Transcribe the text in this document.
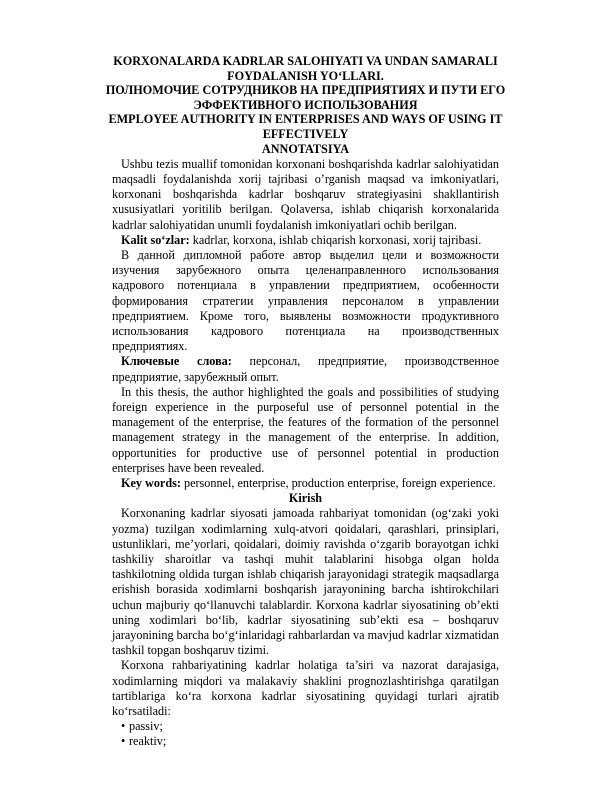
KORXONALARDA KADRLAR SALOHIYATI VA UNDAN SAMARALI
FOYDALANISH YO‘LLARI.
ПОЛНОМОЧИЕ СОТРУДНИКОВ НА ПРЕДПРИЯТИЯХ И ПУТИ ЕГО
ЭФФЕКТИВНОГО ИСПОЛЬЗОВАНИЯ
EMPLOYEE AUTHORITY IN ENTERPRISES AND WAYS OF USING IT
EFFECTIVELY
ANNOTATSIYA

Ushbu tezis muallif tomonidan korxonani boshqarishda kadrlar salohiyatidan maqsadli foydalanishda xorij tajribasi o’rganish maqsad va imkoniyatlari, korxonani boshqarishda kadrlar boshqaruv strategiyasini shakllantirish xususiyatlari yoritilib berilgan. Qolaversa, ishlab chiqarish korxonalarida kadrlar salohiyatidan unumli foydalanish imkoniyatlari ochib berilgan.

Kalit so‘zlar: kadrlar, korxona, ishlab chiqarish korxonasi, xorij tajribasi.

В данной дипломной работе автор выделил цели и возможности изучения зарубежного опыта целенаправленного использования кадрового потенциала в управлении предприятием, особенности формирования стратегии управления персоналом в управлении предприятием. Кроме того, выявлены возможности продуктивного использования кадрового потенциала на производственных предприятиях.

Ключевые слова: персонал, предприятие, производственное предприятие, зарубежный опыт.

In this thesis, the author highlighted the goals and possibilities of studying foreign experience in the purposeful use of personnel potential in the management of the enterprise, the features of the formation of the personnel management strategy in the management of the enterprise. In addition, opportunities for productive use of personnel potential in production enterprises have been revealed.

Key words: personnel, enterprise, production enterprise, foreign experience.

Kirish

Korxonaning kadrlar siyosati jamoada rahbariyat tomonidan (og‘zaki yoki yozma) tuzilgan xodimlarning xulq-atvori qoidalari, qarashlari, prinsiplari, ustunliklari, me’yorlari, qoidalari, doimiy ravishda o‘zgarib borayotgan ichki tashkiliy sharoitlar va tashqi muhit talablarini hisobga olgan holda tashkilotning oldida turgan ishlab chiqarish jarayonidagi strategik maqsadlarga erishish borasida xodimlarni boshqarish jarayonining barcha ishtirokchilari uchun majburiy qo‘llanuvchi talablardir. Korxona kadrlar siyosatining ob’ekti uning xodimlari bo‘lib, kadrlar siyosatining sub’ekti esa – boshqaruv jarayonining barcha bo‘g‘inlaridagi rahbarlardan va mavjud kadrlar xizmatidan tashkil topgan boshqaruv tizimi.

Korxona rahbariyatining kadrlar holatiga ta’siri va nazorat darajasiga, xodimlarning miqdori va malakaviy shaklini prognozlashtirishga qaratilgan tartiblariga ko‘ra korxona kadrlar siyosatining quyidagi turlari ajratib ko‘rsatiladi:

• passiv;
• reaktiv;
